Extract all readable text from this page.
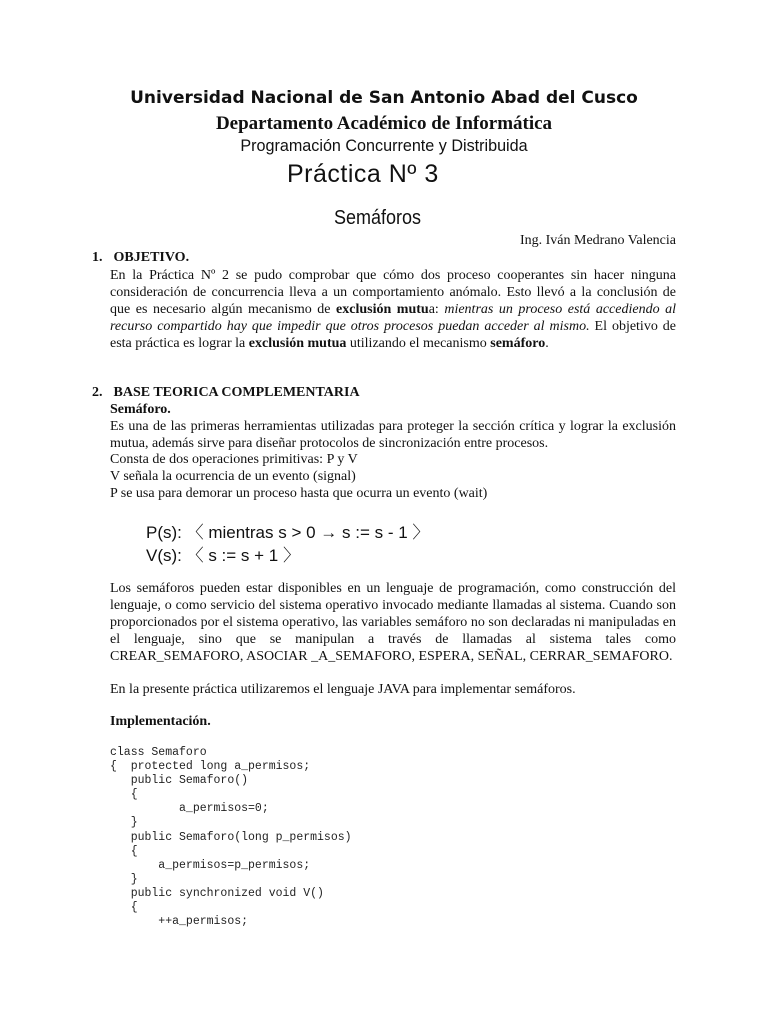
Universidad Nacional de San Antonio Abad del Cusco
Departamento Académico de Informática
Programación Concurrente y Distribuida
Práctica Nº 3
Semáforos
Ing. Iván Medrano Valencia
1. OBJETIVO.
En la Práctica Nº 2 se pudo comprobar que cómo dos proceso cooperantes sin hacer ninguna consideración de concurrencia lleva a un comportamiento anómalo. Esto llevó a la conclusión de que es necesario algún mecanismo de exclusión mutua: mientras un proceso está accediendo al recurso compartido hay que impedir que otros procesos puedan acceder al mismo. El objetivo de esta práctica es lograr la exclusión mutua utilizando el mecanismo semáforo.
2. BASE TEORICA COMPLEMENTARIA
Semáforo.
Es una de las primeras herramientas utilizadas para proteger la sección crítica y lograr la exclusión mutua, además sirve para diseñar protocolos de sincronización entre procesos.
Consta de dos operaciones primitivas: P y V
V señala la ocurrencia de un evento (signal)
P se usa para demorar un proceso hasta que ocurra un evento (wait)
P(s): 〈 mientras s > 0 → s := s - 1 〉
V(s): 〈 s := s + 1 〉
Los semáforos pueden estar disponibles en un lenguaje de programación, como construcción del lenguaje, o como servicio del sistema operativo invocado mediante llamadas al sistema. Cuando son proporcionados por el sistema operativo, las variables semáforo no son declaradas ni manipuladas en el lenguaje, sino que se manipulan a través de llamadas al sistema tales como CREAR_SEMAFORO, ASOCIAR _A_SEMAFORO, ESPERA, SEÑAL, CERRAR_SEMAFORO.
En la presente práctica utilizaremos el lenguaje JAVA para implementar semáforos.
Implementación.
class Semaforo
{  protected long a_permisos;
public Semaforo()
{
a_permisos=0;
}
public Semaforo(long p_permisos)
{
a_permisos=p_permisos;
}
public synchronized void V()
{
++a_permisos;
